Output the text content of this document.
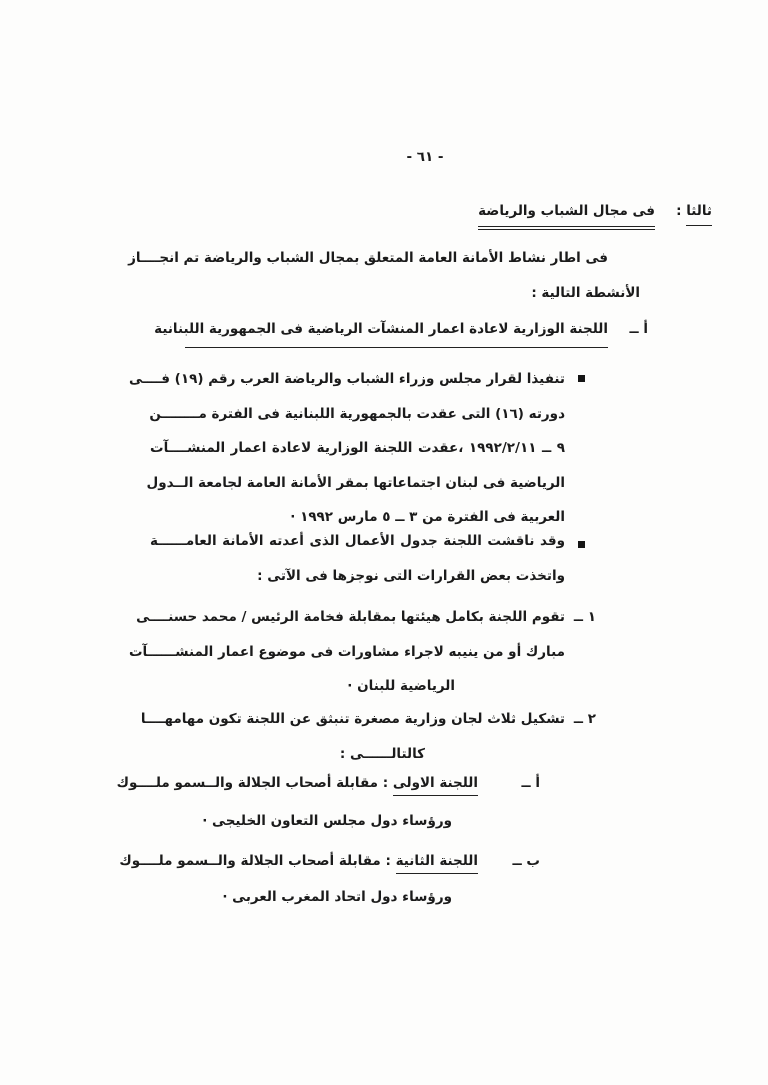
- ٦١ -
ثالثا :
فى مجال الشباب والرياضة
فى اطار نشاط الأمانة العامة المتعلق بمجال الشباب والرياضة تم انجــــاز
الأنشطة التالية :
أ ــ
اللجنة الوزارية لاعادة اعمار المنشآت الرياضية فى الجمهورية اللبنانية
تنفيذا لقرار مجلس وزراء الشباب والرياضة العرب رقم (١٩) فــــى
دورته (١٦) التى عقدت بالجمهورية اللبنانية فى الفترة مــــــــن
٩ ــ ١٩٩٢/٢/١١ ،عقدت اللجنة الوزارية لاعادة اعمار المنشــــآت
الرياضية فى لبنان اجتماعاتها بمقر الأمانة العامة لجامعة الــدول
العربية فى الفترة من ٣ ــ ٥ مارس ١٩٩٢ ·
وقد ناقشت اللجنة جدول الأعمال الذى أعدته الأمانة العامــــــة
واتخذت بعض القرارات التى نوجزها فى الآتى :
١ ــ
تقوم اللجنة بكامل هيئتها بمقابلة فخامة الرئيس / محمد حسنــــى
مبارك أو من ينيبه لاجراء مشاورات فى موضوع اعمار المنشــــــآت
الرياضية للبنان ·
٢ ــ
تشكيل ثلاث لجان وزارية مصغرة تنبثق عن اللجنة تكون مهامهــــا
كالتالــــــى :
أ ــ
اللجنة الاولى : مقابلة أصحاب الجلالة والــسمو ملــــوك
ورؤساء دول مجلس التعاون الخليجى ·
ب ــ
اللجنة الثانية : مقابلة أصحاب الجلالة والــسمو ملــــوك
ورؤساء دول اتحاد المغرب العربى ·
